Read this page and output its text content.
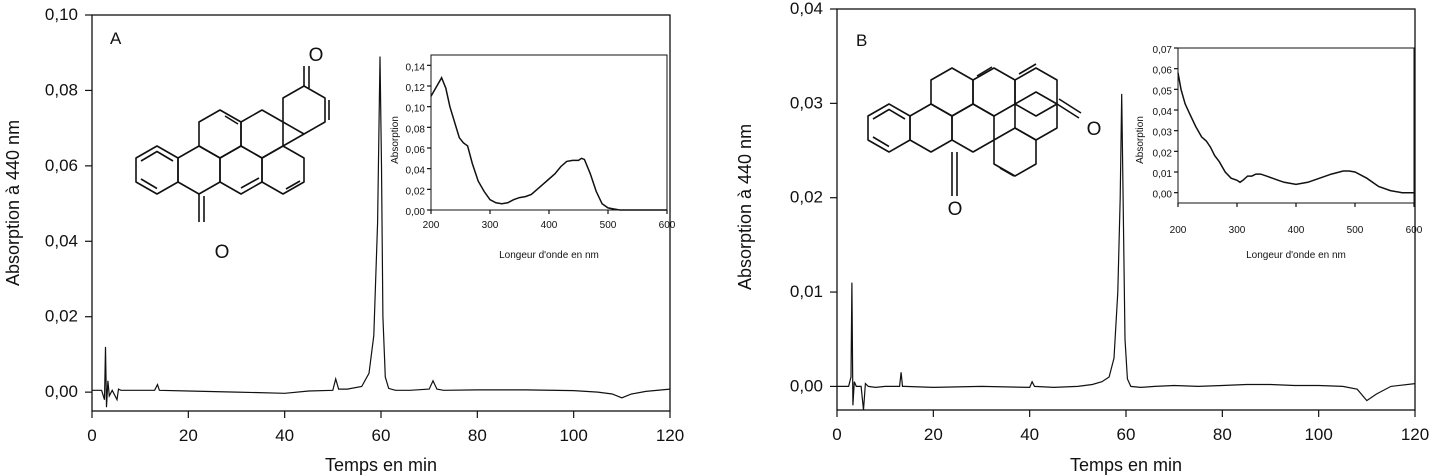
A
0,00
0,02
0,04
0,06
0,08
0,10
0	20	40	60	80	100	120
Temps en min
Absorption à 440 nm	O
O
0,00
0,02
0,04
0,06
0,08
0,10
0,12
0,14
200	300	400	500	600
Longeur d'onde en nm
Absorption
B
0,00
0,01
0,02
0,03
0,04
0	20	40	60	80	100	120
Temps en min
Absorption à 440 nm	O
O
0,00
0,01
0,02
0,03
0,04
0,05
0,06
0,07
200	300	400	500	600
Longeur d'onde en nm
Absorption
